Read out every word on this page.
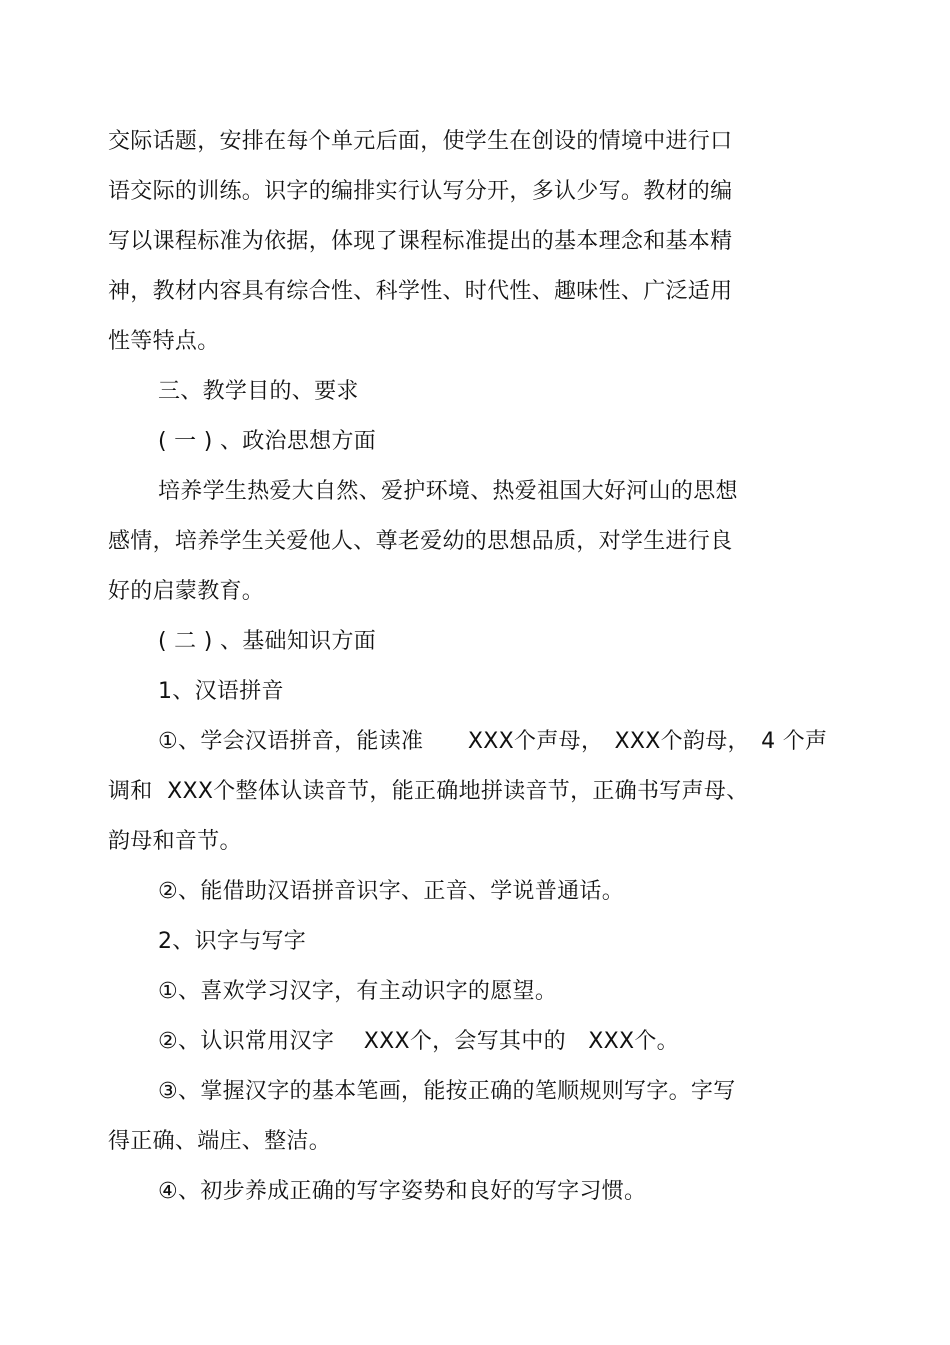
交际话题，安排在每个单元后面，使学生在创设的情境中进行口
语交际的训练。识字的编排实行认写分开，多认少写。教材的编
写以课程标准为依据，体现了课程标准提出的基本理念和基本精
神，教材内容具有综合性、科学性、时代性、趣味性、广泛适用
性等特点。
三、教学目的、要求
( 一 ) 、政治思想方面
培养学生热爱大自然、爱护环境、热爱祖国大好河山的思想
感情，培养学生关爱他人、尊老爱幼的思想品质，对学生进行良
好的启蒙教育。
( 二 ) 、基础知识方面
1、汉语拼音
①、学会汉语拼音，能读准　　XXX个声母，　XXX个韵母，　4 个声
调和  XXX个整体认读音节，能正确地拼读音节，正确书写声母、
韵母和音节。
②、能借助汉语拼音识字、正音、学说普通话。
2、识字与写字
①、喜欢学习汉字，有主动识字的愿望。
②、认识常用汉字　 XXX个，会写其中的　XXX个。
③、掌握汉字的基本笔画，能按正确的笔顺规则写字。字写
得正确、端庄、整洁。
④、初步养成正确的写字姿势和良好的写字习惯。
